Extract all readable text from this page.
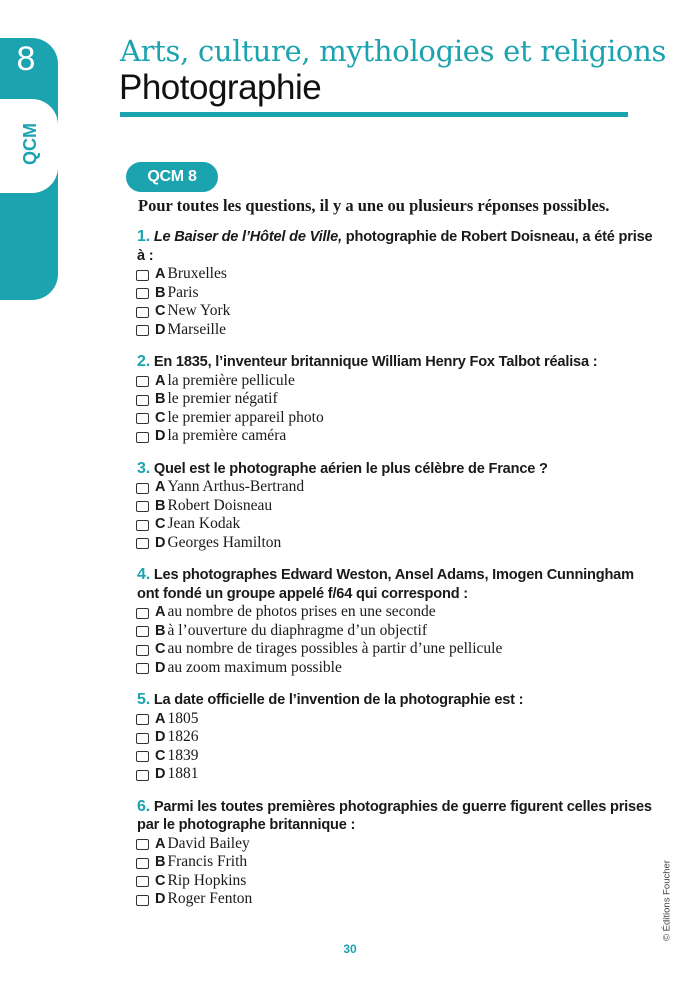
8
QCM
Arts, culture, mythologies et religions
Photographie
QCM 8
Pour toutes les questions, il y a une ou plusieurs réponses possibles.
1. Le Baiser de l’Hôtel de Ville, photographie de Robert Doisneau, a été prise à :
A Bruxelles
B Paris
C New York
D Marseille
2. En 1835, l’inventeur britannique William Henry Fox Talbot réalisa :
A la première pellicule
B le premier négatif
C le premier appareil photo
D la première caméra
3. Quel est le photographe aérien le plus célèbre de France ?
A Yann Arthus-Bertrand
B Robert Doisneau
C Jean Kodak
D Georges Hamilton
4. Les photographes Edward Weston, Ansel Adams, Imogen Cunningham ont fondé un groupe appelé f/64 qui correspond :
A au nombre de photos prises en une seconde
B à l’ouverture du diaphragme d’un objectif
C au nombre de tirages possibles à partir d’une pellicule
D au zoom maximum possible
5. La date officielle de l’invention de la photographie est :
A 1805
D 1826
C 1839
D 1881
6. Parmi les toutes premières photographies de guerre figurent celles prises par le photographe britannique :
A David Bailey
B Francis Frith
C Rip Hopkins
D Roger Fenton
30
© Éditions Foucher
